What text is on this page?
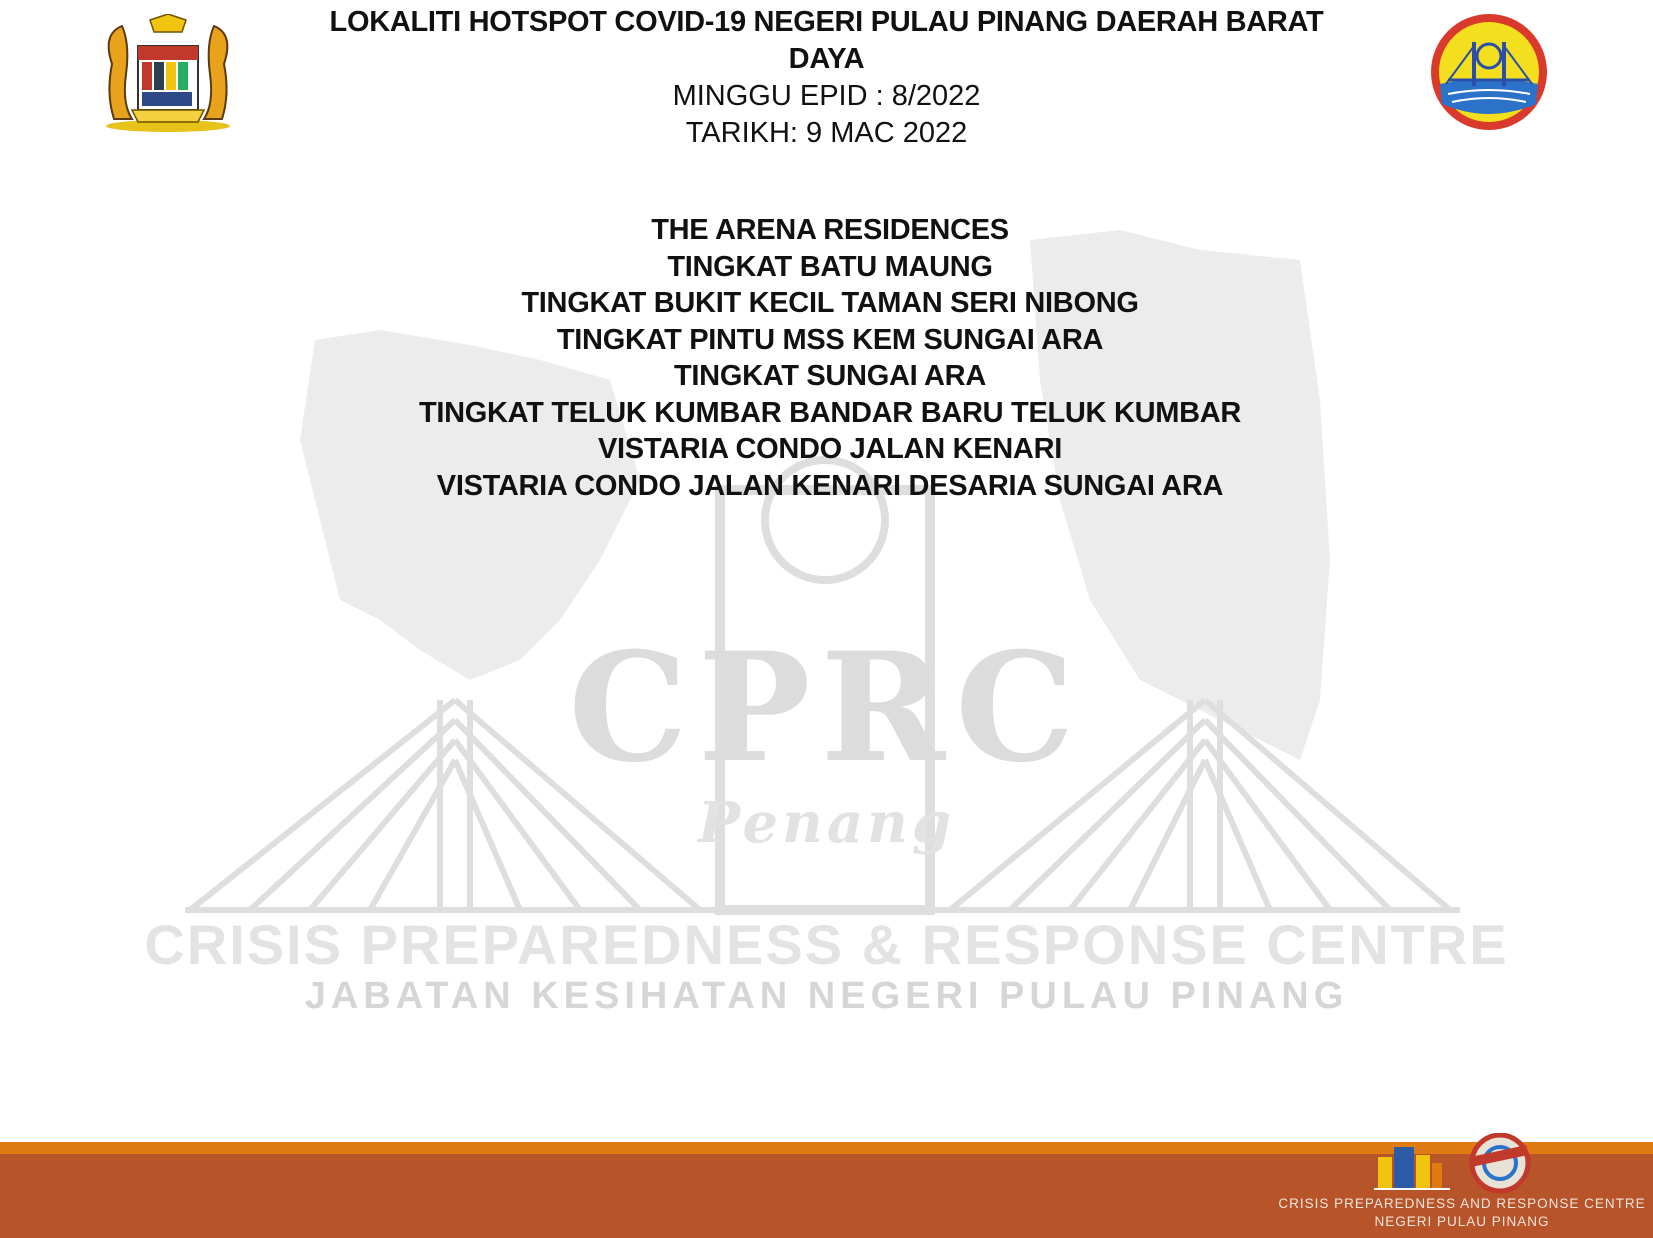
CPRC
Penang
CRISIS PREPAREDNESS & RESPONSE CENTRE
JABATAN KESIHATAN NEGERI PULAU PINANG

LOKALITI HOTSPOT COVID-19 NEGERI PULAU PINANG DAERAH BARAT DAYA

MINGGU EPID : 8/2022

TARIKH: 9 MAC 2022

THE ARENA RESIDENCES
TINGKAT BATU MAUNG
TINGKAT BUKIT KECIL TAMAN SERI NIBONG
TINGKAT PINTU MSS KEM SUNGAI ARA
TINGKAT SUNGAI ARA
TINGKAT TELUK KUMBAR BANDAR BARU TELUK KUMBAR
VISTARIA CONDO JALAN KENARI
VISTARIA CONDO JALAN KENARI DESARIA SUNGAI ARA
CRISIS PREPAREDNESS AND RESPONSE CENTRE
NEGERI PULAU PINANG
